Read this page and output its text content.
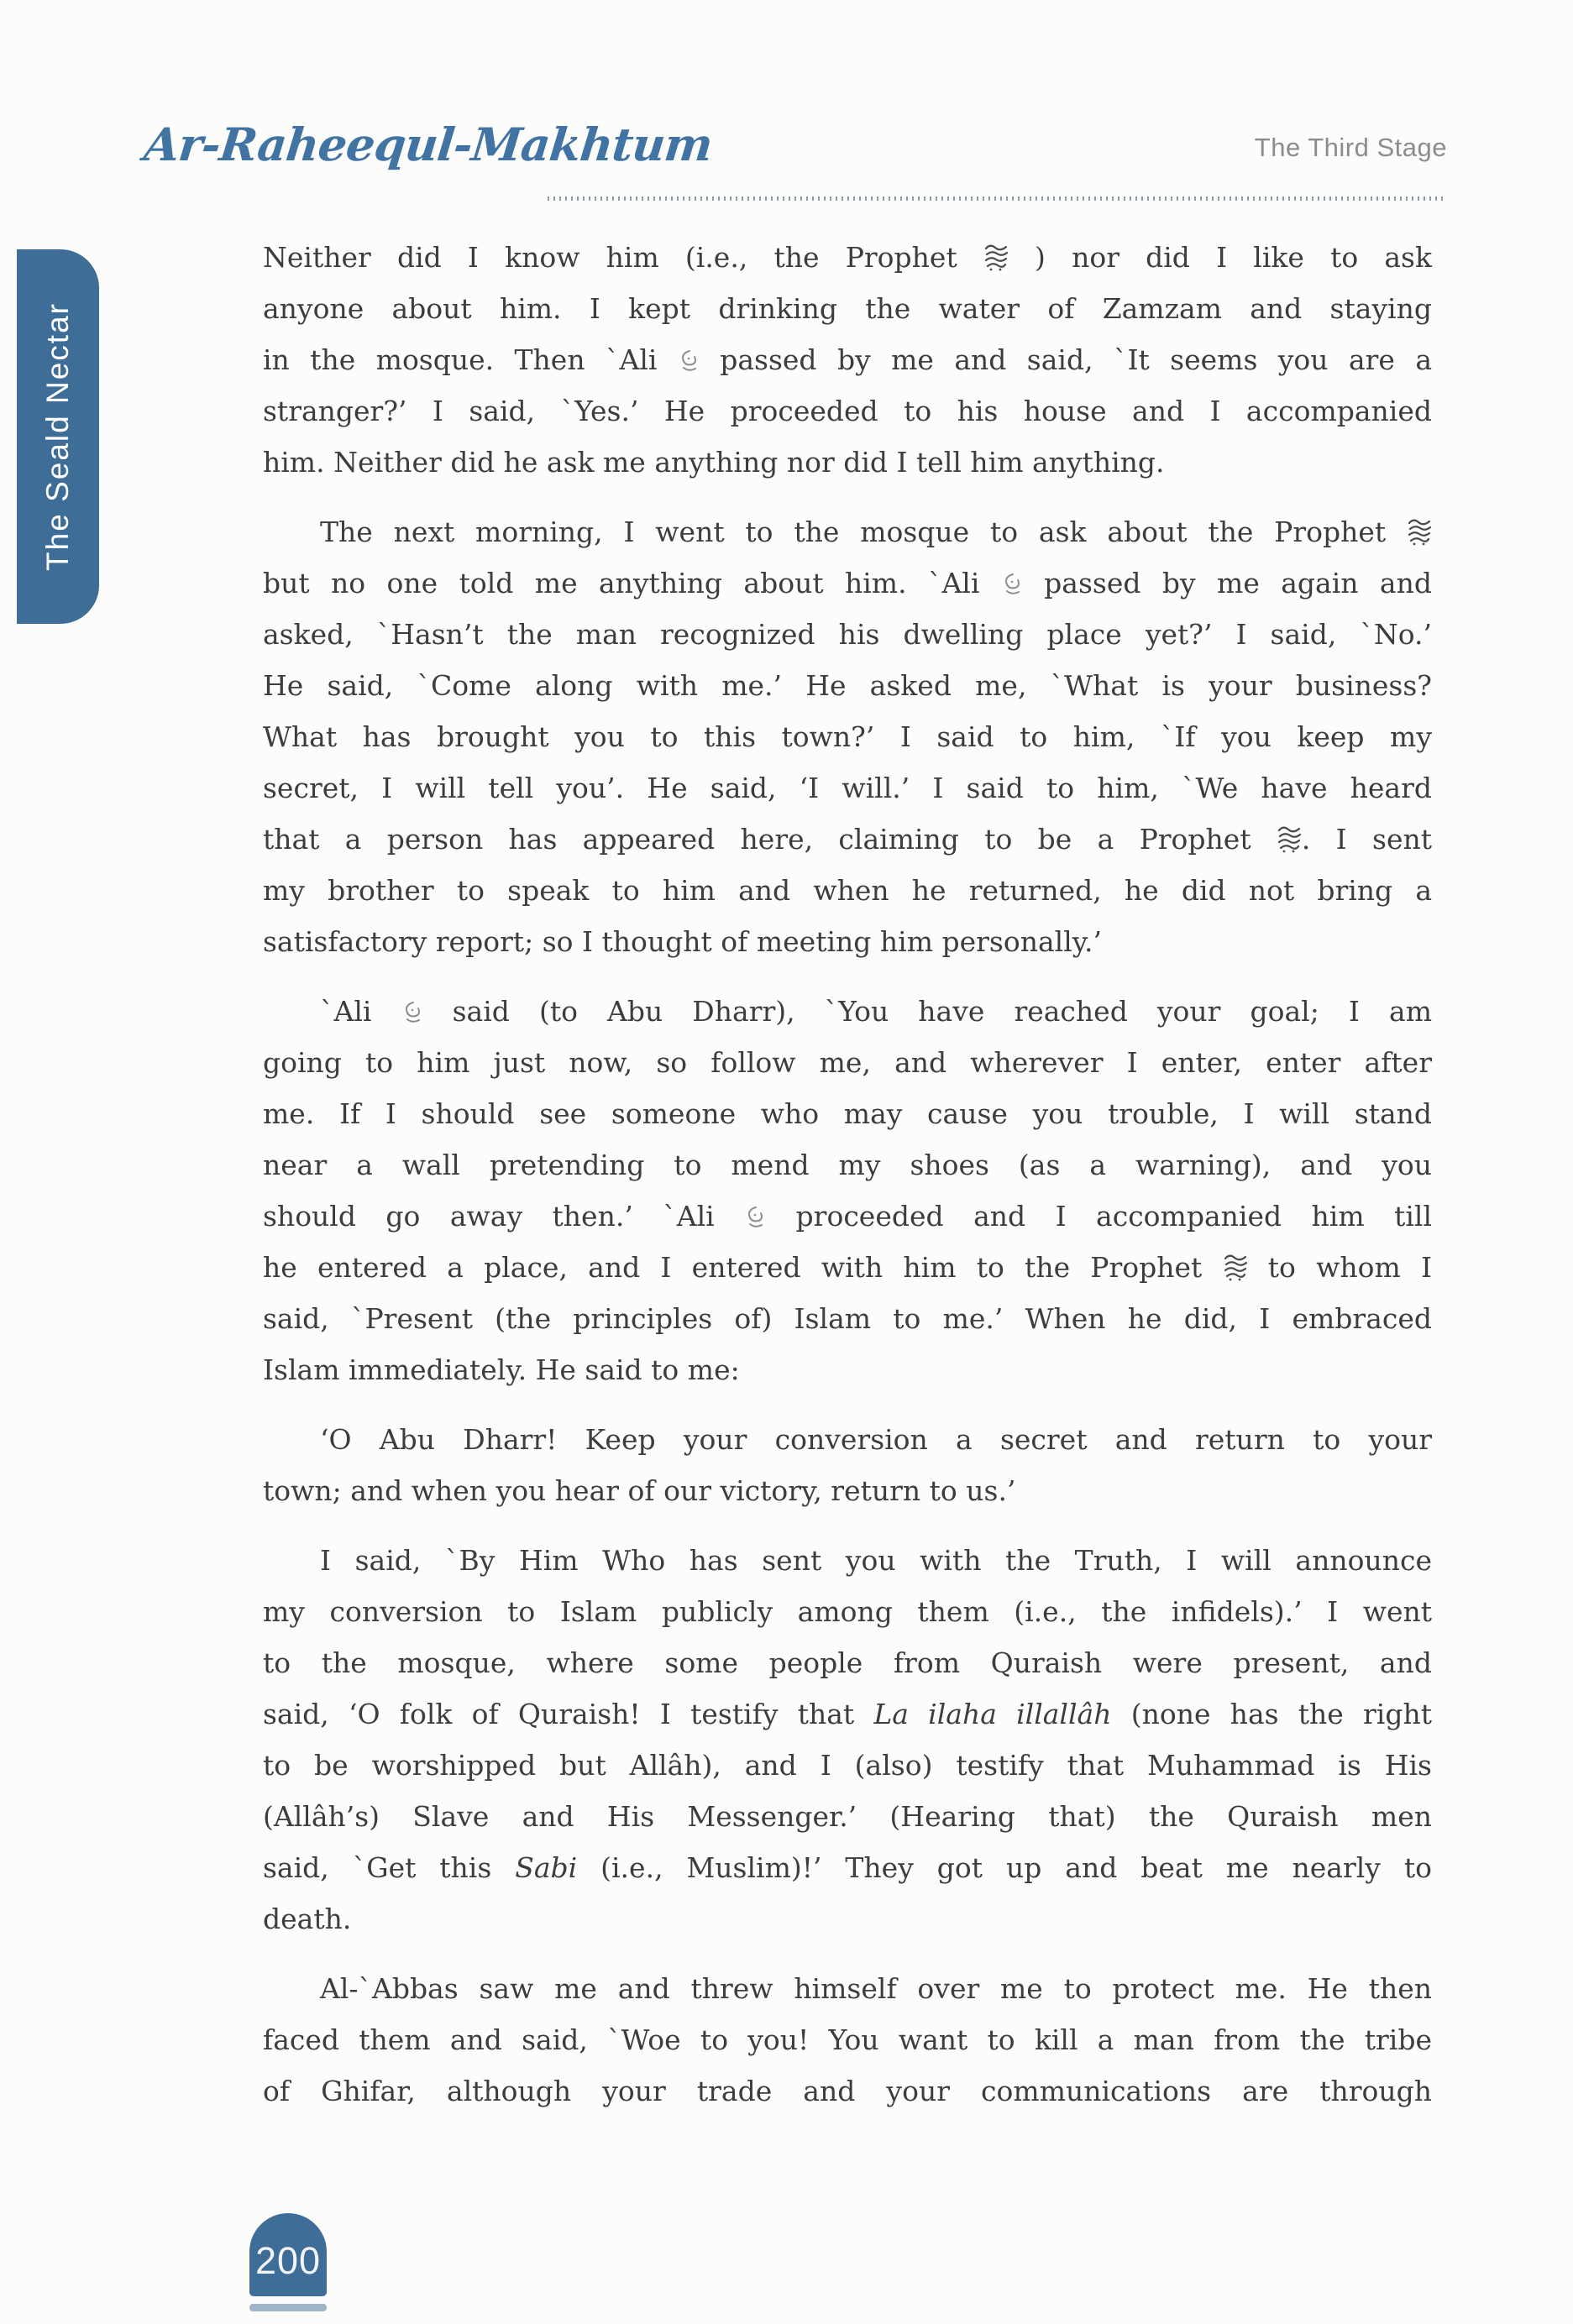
Ar-Raheequl-Makhtum	The Third Stage
The Seald Nectar
Neither did I know him (i.e., the Prophet  ) nor did I like to ask
anyone about him. I kept drinking the water of Zamzam and staying
in the mosque. Then `Ali  passed by me and said, `It seems you are a
stranger?’ I said, `Yes.’ He proceeded to his house and I accompanied
him. Neither did he ask me anything nor did I tell him anything.
The next morning, I went to the mosque to ask about the Prophet
but no one told me anything about him. `Ali  passed by me again and
asked, `Hasn’t the man recognized his dwelling place yet?’ I said, `No.’
He said, `Come along with me.’ He asked me, `What is your business?
What has brought you to this town?’ I said to him, `If you keep my
secret, I will tell you’. He said, ‘I will.’ I said to him, `We have heard
that a person has appeared here, claiming to be a Prophet . I sent
my brother to speak to him and when he returned, he did not bring a
satisfactory report; so I thought of meeting him personally.’
`Ali  said (to Abu Dharr), `You have reached your goal; I am
going to him just now, so follow me, and wherever I enter, enter after
me. If I should see someone who may cause you trouble, I will stand
near a wall pretending to mend my shoes (as a warning), and you
should go away then.’ `Ali  proceeded and I accompanied him till
he entered a place, and I entered with him to the Prophet  to whom I
said, `Present (the principles of) Islam to me.’ When he did, I embraced
Islam immediately. He said to me:
‘O Abu Dharr! Keep your conversion a secret and return to your
town; and when you hear of our victory, return to us.’
I said, `By Him Who has sent you with the Truth, I will announce
my conversion to Islam publicly among them (i.e., the infidels).’ I went
to the mosque, where some people from Quraish were present, and
said, ‘O folk of Quraish! I testify that La ilaha illallâh (none has the right
to be worshipped but Allâh), and I (also) testify that Muhammad is His
(Allâh’s) Slave and His Messenger.’ (Hearing that) the Quraish men
said, `Get this Sabi (i.e., Muslim)!’ They got up and beat me nearly to
death.
Al-`Abbas saw me and threw himself over me to protect me. He then
faced them and said, `Woe to you! You want to kill a man from the tribe
of Ghifar, although your trade and your communications are through
200
